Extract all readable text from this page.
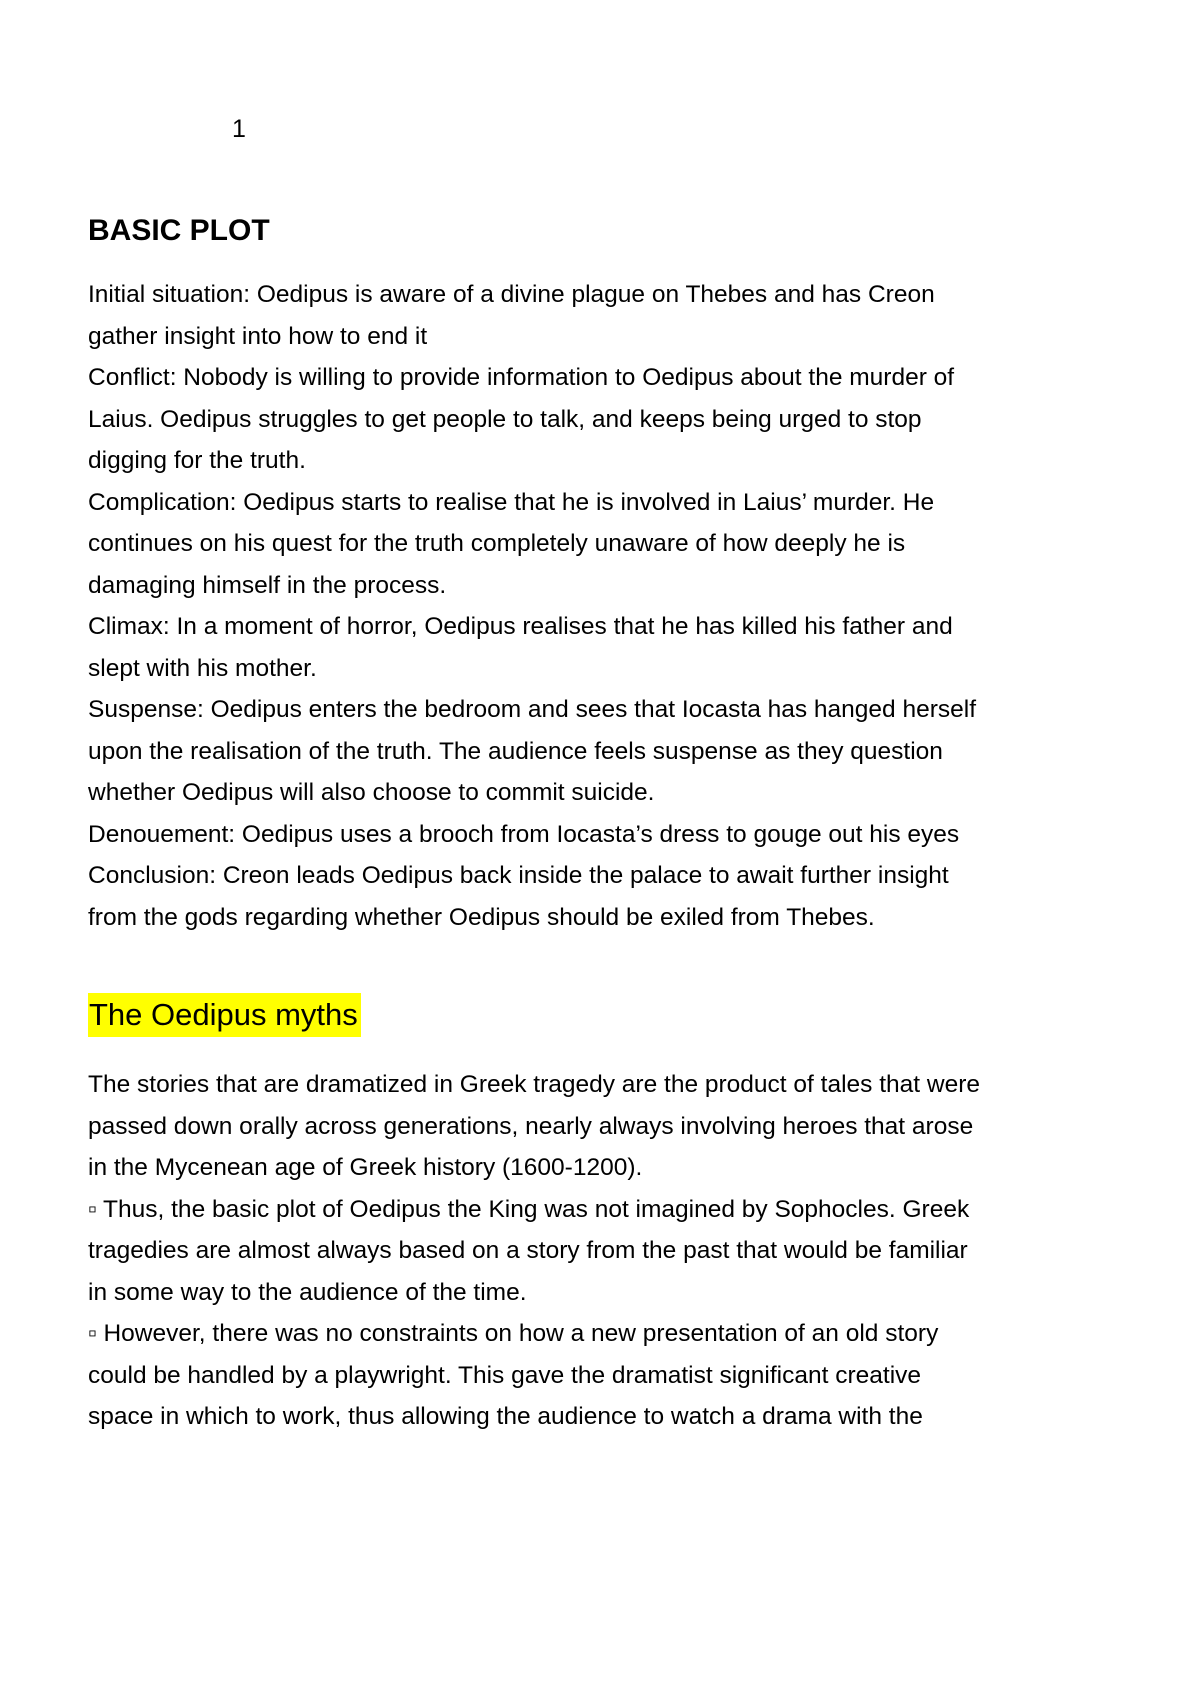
1
BASIC PLOT
Initial situation: Oedipus is aware of a divine plague on Thebes and has Creon
gather insight into how to end it
Conflict: Nobody is willing to provide information to Oedipus about the murder of
Laius. Oedipus struggles to get people to talk, and keeps being urged to stop
digging for the truth.
Complication: Oedipus starts to realise that he is involved in Laius’ murder. He
continues on his quest for the truth completely unaware of how deeply he is
damaging himself in the process.
Climax: In a moment of horror, Oedipus realises that he has killed his father and
slept with his mother.
Suspense: Oedipus enters the bedroom and sees that Iocasta has hanged herself
upon the realisation of the truth. The audience feels suspense as they question
whether Oedipus will also choose to commit suicide.
Denouement: Oedipus uses a brooch from Iocasta’s dress to gouge out his eyes
Conclusion: Creon leads Oedipus back inside the palace to await further insight
from the gods regarding whether Oedipus should be exiled from Thebes.
The Oedipus myths
The stories that are dramatized in Greek tragedy are the product of tales that were
passed down orally across generations, nearly always involving heroes that arose
in the Mycenean age of Greek history (1600-1200).
▫ Thus, the basic plot of Oedipus the King was not imagined by Sophocles. Greek
tragedies are almost always based on a story from the past that would be familiar
in some way to the audience of the time.
▫ However, there was no constraints on how a new presentation of an old story
could be handled by a playwright. This gave the dramatist significant creative
space in which to work, thus allowing the audience to watch a drama with the
